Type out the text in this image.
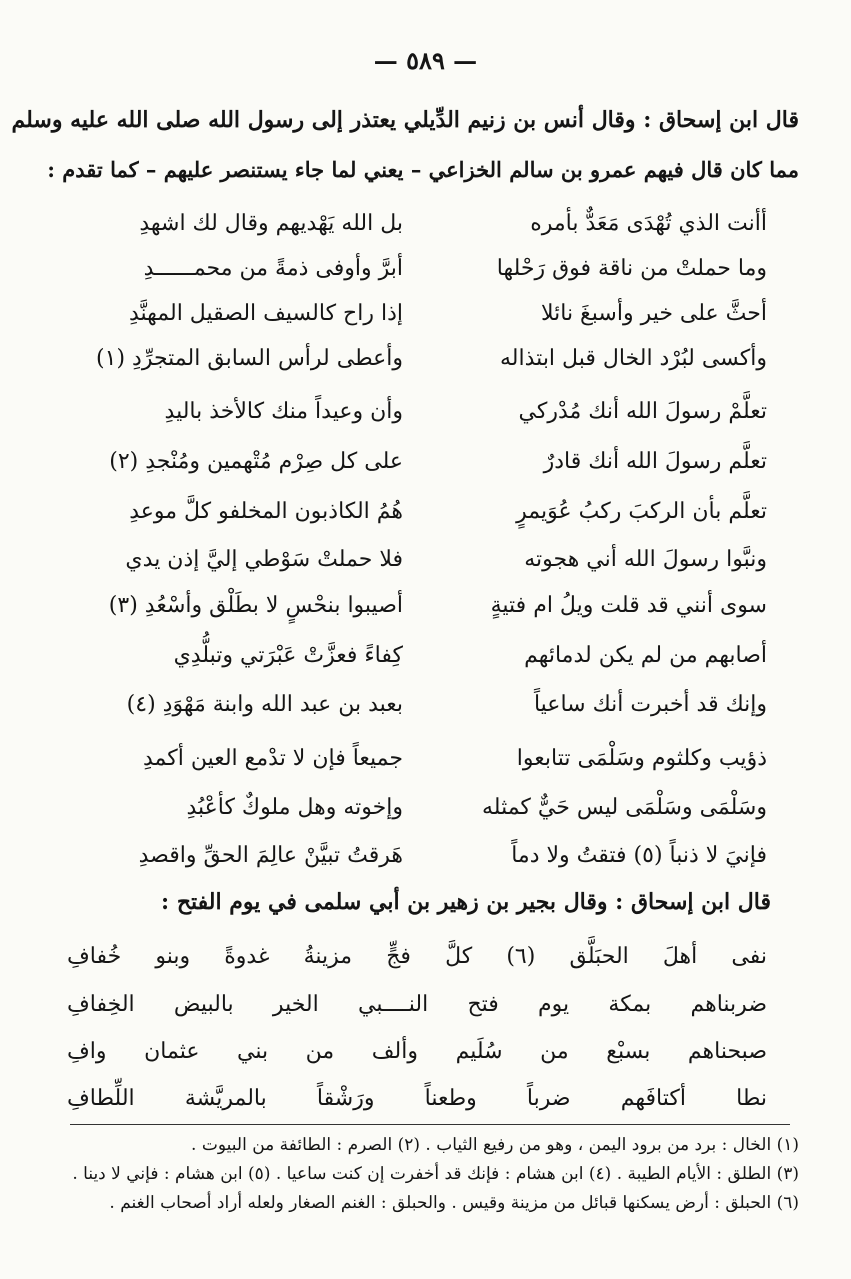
— ٥٨٩ —
قال ابن إسحاق : وقال أنس بن زنيم الدِّيلي يعتذر إلى رسول الله صلى الله عليه وسلم
مما كان قال فيهم عمرو بن سالم الخزاعي – يعني لما جاء يستنصر عليهم – كما تقدم :
أأنت الذي تُهْدَى مَعَدٌّ بأمره
بل الله يَهْديهم وقال لك اشهدِ
وما حملتْ من ناقة فوق رَحْلها
أبرَّ وأوفى ذمةً من محمــــــدِ
أحثَّ على خير وأسبغَ نائلا
إذا راح كالسيف الصقيل المهنَّدِ
وأكسى لبُرْد الخال قبل ابتذاله
وأعطى لرأس السابق المتجرِّدِ (١)
تعلَّمْ رسولَ الله أنك مُدْركي
وأن وعيداً منك كالأخذ باليدِ
تعلَّم رسولَ الله أنك قادرٌ
على كل صِرْم مُتْهمين ومُنْجدِ (٢)
تعلَّم بأن الركبَ ركبُ عُوَيمرٍ
هُمُ الكاذبون المخلفو كلَّ موعدِ
ونبَّوا رسولَ الله أني هجوته
فلا حملتْ سَوْطي إليَّ إذن يدي
سوى أنني قد قلت ويلُ ام فتيةٍ
أصيبوا بنحْسٍ لا بطَلْق وأسْعُدِ (٣)
أصابهم من لم يكن لدمائهم
كِفاءً فعزَّتْ عَبْرَتي وتبلُّدِي
وإنك قد أخبرت أنك ساعياً
بعبد بن عبد الله وابنة مَهْوَدِ (٤)
ذؤيب وكلثوم وسَلْمَى تتابعوا
جميعاً فإن لا تدْمع العين أكمدِ
وسَلْمَى وسَلْمَى ليس حَيٌّ كمثله
وإخوته وهل ملوكٌ كأعْبُدِ
فإنيَ لا ذنباً (٥) فتقتُ ولا دماً
هَرقتُ تبيَّنْ عالِمَ الحقِّ واقصدِ
قال ابن إسحاق : وقال بجير بن زهير بن أبي سلمى في يوم الفتح :
نفى أهلَ الحبَلَّق (٦) كلَّ فجٍّ مزينةُ غدوةً وبنو خُفافِ
ضربناهم بمكة يوم فتح النــــبي الخير بالبيض الخِفافِ
صبحناهم بسبْع من سُلَيم وألف من بني عثمان وافِ
نطا أكتافَهم ضرباً وطعناً ورَشْقاً بالمريَّشة اللِّطافِ
(١) الخال : برد من برود اليمن ، وهو من رفيع الثياب . (٢) الصرم : الطائفة من البيوت .
(٣) الطلق : الأيام الطيبة . (٤) ابن هشام : فإنك قد أخفرت إن كنت ساعيا . (٥) ابن هشام : فإني لا دينا .
(٦) الحبلق : أرض يسكنها قبائل من مزينة وقيس . والحبلق : الغنم الصغار ولعله أراد أصحاب الغنم .
